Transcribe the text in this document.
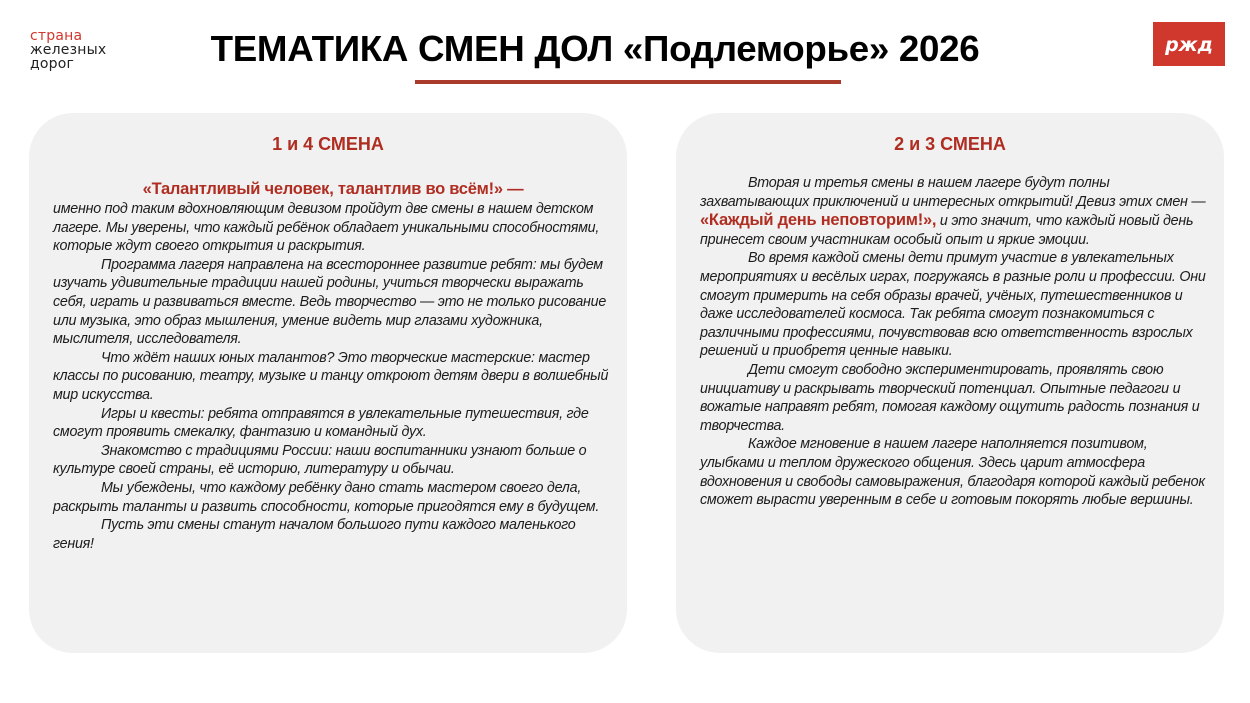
страна
железных
дорог	ТЕМАТИКА СМЕН ДОЛ «Подлеморье» 2026	ржд
1 и 4 СМЕНА
«Талантливый человек, талантлив во всём!» —

именно под таким вдохновляющим девизом пройдут две смены в нашем детском лагере. Мы уверены, что каждый ребёнок обладает уникальными способностями, которые ждут своего открытия и раскрытия.

Программа лагеря направлена на всестороннее развитие ребят: мы будем изучать удивительные традиции нашей родины, учиться творчески выражать себя, играть и развиваться вместе. Ведь творчество — это не только рисование или музыка, это образ мышления, умение видеть мир глазами художника, мыслителя, исследователя.

Что ждёт наших юных талантов? Это творческие мастерские: мастер классы по рисованию, театру, музыке и танцу откроют детям двери в волшебный мир искусства.

Игры и квесты: ребята отправятся в увлекательные путешествия, где смогут проявить смекалку, фантазию и командный дух.

Знакомство с традициями России: наши воспитанники узнают больше о культуре своей страны, её историю, литературу и обычаи.

Мы убеждены, что каждому ребёнку дано стать мастером своего дела, раскрыть таланты и развить способности, которые пригодятся ему в будущем.

Пусть эти смены станут началом большого пути каждого маленького гения!

2 и 3 СМЕНА

Вторая и третья смены в нашем лагере будут полны захватывающих приключений и интересных открытий! Девиз этих смен — «Каждый день неповторим!», и это значит, что каждый новый день принесет своим участникам особый опыт и яркие эмоции.

Во время каждой смены дети примут участие в увлекательных мероприятиях и весёлых играх, погружаясь в разные роли и профессии. Они смогут примерить на себя образы врачей, учёных, путешественников и даже исследователей космоса. Так ребята смогут познакомиться с различными профессиями, почувствовав всю ответственность взрослых решений и приобретя ценные навыки.

Дети смогут свободно экспериментировать, проявлять свою инициативу и раскрывать творческий потенциал. Опытные педагоги и вожатые направят ребят, помогая каждому ощутить радость познания и творчества.

Каждое мгновение в нашем лагере наполняется позитивом, улыбками и теплом дружеского общения. Здесь царит атмосфера вдохновения и свободы самовыражения, благодаря которой каждый ребенок сможет вырасти уверенным в себе и готовым покорять любые вершины.
